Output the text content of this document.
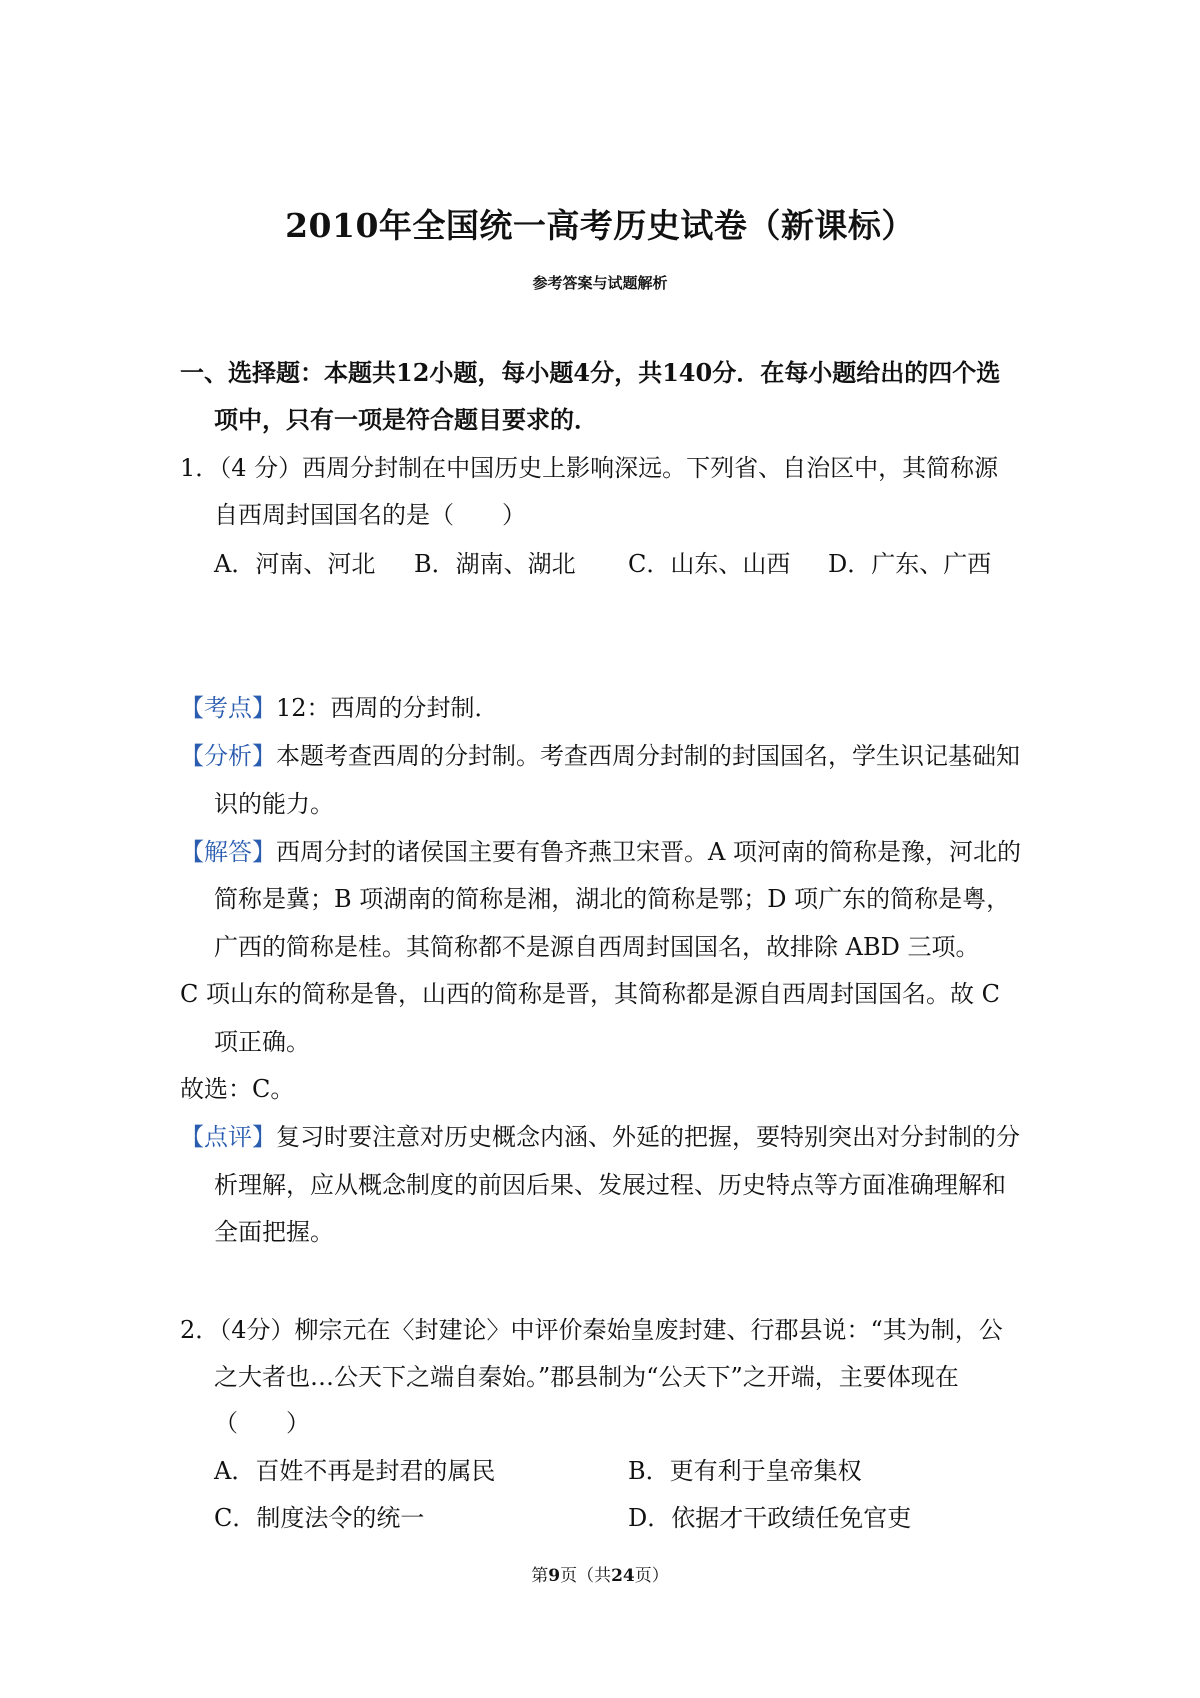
2010年全国统一高考历史试卷（新课标）
参考答案与试题解析
一、选择题：本题共12小题，每小题4分，共140分．在每小题给出的四个选
项中，只有一项是符合题目要求的．
1．（4 分）西周分封制在中国历史上影响深远。下列省、自治区中，其简称源
自西周封国国名的是（　　）
A．河南、河北 B．湖南、湖北 C．山东、山西 D．广东、广西
【考点】12：西周的分封制．
【分析】本题考查西周的分封制。考查西周分封制的封国国名，学生识记基础知
识的能力。
【解答】西周分封的诸侯国主要有鲁齐燕卫宋晋。A 项河南的简称是豫，河北的
简称是冀；B 项湖南的简称是湘，湖北的简称是鄂；D 项广东的简称是粤，
广西的简称是桂。其简称都不是源自西周封国国名，故排除 ABD 三项。
C 项山东的简称是鲁，山西的简称是晋，其简称都是源自西周封国国名。故 C
项正确。
故选：C。
【点评】复习时要注意对历史概念内涵、外延的把握，要特别突出对分封制的分
析理解，应从概念制度的前因后果、发展过程、历史特点等方面准确理解和
全面把握。
2．（4分）柳宗元在〈封建论〉中评价秦始皇废封建、行郡县说：“其为制，公
之大者也…公天下之端自秦始。”郡县制为“公天下”之开端，主要体现在
（　　）
A．百姓不再是封君的属民	B．更有利于皇帝集权
C．制度法令的统一	D．依据才干政绩任免官吏
第9页（共24页）
